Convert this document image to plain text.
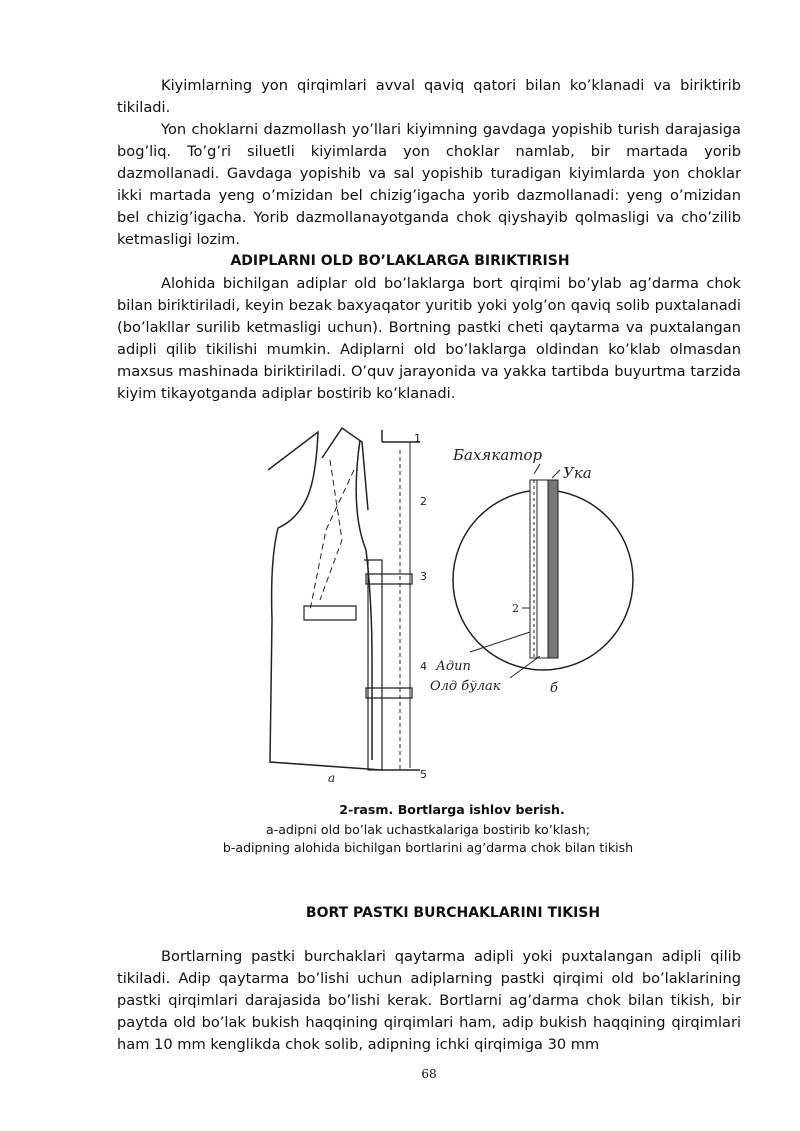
Kiyimlarning yon qirqimlari avval qaviq qatori bilan ko’klanadi va biriktirib tikiladi.

Yon choklarni dazmollash yo’llari kiyimning gavdaga yopishib turish darajasiga bog’liq. To’g’ri siluetli kiyimlarda yon choklar namlab, bir martada yorib dazmollanadi. Gavdaga yopishib va sal yopishib turadigan kiyimlarda yon choklar ikki martada yeng o’mizidan bel chizig’igacha yorib dazmollanadi: yeng o’mizidan bel chizig’igacha. Yorib dazmollanayotganda chok qiyshayib qolmasligi va cho’zilib ketmasligi lozim.

ADIPLARNI OLD BO’LAKLARGA BIRIKTIRISH

Alohida bichilgan adiplar old bo’laklarga bort qirqimi bo’ylab ag’darma chok bilan biriktiriladi, keyin bezak baxyaqator yuritib yoki yolg’on qaviq solib puxtalanadi (bo’lakllar surilib ketmasligi uchun). Bortning pastki cheti qaytarma va puxtalangan adipli qilib tikilishi mumkin. Adiplarni old bo’laklarga oldindan ko’klab olmasdan maxsus mashinada biriktiriladi. O’quv jarayonida va yakka tartibda buyurtma tarzida kiyim tikayotganda adiplar bostirib ko’klanadi.

1
2
3
4
5
a
Бахякатор
Ука
Адип
Олд бўлак
2
б

2-rasm. Bortlarga ishlov berish.

a-adipni old bo’lak uchastkalariga bostirib ko’klash;

b-adipning alohida bichilgan bortlarini ag’darma chok bilan tikish

BORT PASTKI BURCHAKLARINI TIKISH

Bortlarning pastki burchaklari qaytarma adipli yoki puxtalangan adipli qilib tikiladi. Adip qaytarma bo’lishi uchun adiplarning pastki qirqimi old bo’laklarining pastki qirqimlari darajasida bo’lishi kerak. Bortlarni ag’darma chok bilan tikish, bir paytda old bo’lak bukish haqqining qirqimlari ham, adip bukish haqqining qirqimlari ham 10 mm kenglikda chok solib, adipning ichki qirqimiga 30 mm

68
